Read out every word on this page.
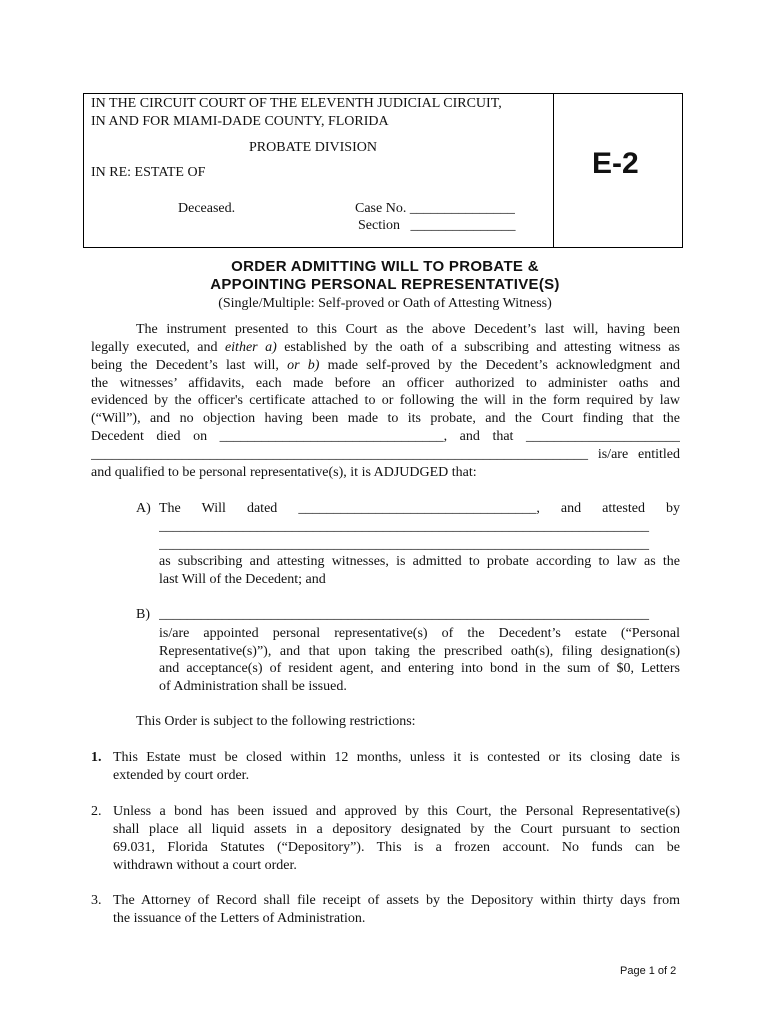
IN THE CIRCUIT COURT OF THE ELEVENTH JUDICIAL CIRCUIT,
IN AND FOR MIAMI-DADE COUNTY, FLORIDA
PROBATE DIVISION
IN RE: ESTATE OF
Deceased.	Case No. _______________
Section   _______________
E-2
ORDER ADMITTING WILL TO PROBATE &
APPOINTING PERSONAL REPRESENTATIVE(S)
(Single/Multiple: Self-proved or Oath of Attesting Witness)
The instrument presented to this Court as the above Decedent’s last will, having been
legally executed, and either a) established by the oath of a subscribing and attesting witness as
being the Decedent’s last will, or b) made self-proved by the Decedent’s acknowledgment and
the witnesses’ affidavits, each made before an officer authorized to administer oaths and
evidenced by the officer's certificate attached to or following the will in the form required by law
(“Will”), and no objection having been made to its probate, and the Court finding that the
Decedent died on ________________________________, and that ______________________
_______________________________________________________________________ is/are entitled
and qualified to be personal representative(s), it is ADJUDGED that:
A) The Will dated __________________________________, and attested by
______________________________________________________________________
______________________________________________________________________
as subscribing and attesting witnesses, is admitted to probate according to law as the
last Will of the Decedent; and
B) ______________________________________________________________________
is/are appointed personal representative(s) of the Decedent’s estate (“Personal
Representative(s)”), and that upon taking the prescribed oath(s), filing designation(s)
and acceptance(s) of resident agent, and entering into bond in the sum of $0, Letters
of Administration shall be issued.
This Order is subject to the following restrictions:
1. This Estate must be closed within 12 months, unless it is contested or its closing date is
extended by court order.
2. Unless a bond has been issued and approved by this Court, the Personal Representative(s)
shall place all liquid assets in a depository designated by the Court pursuant to section
69.031, Florida Statutes (“Depository”). This is a frozen account. No funds can be
withdrawn without a court order.
3. The Attorney of Record shall file receipt of assets by the Depository within thirty days from
the issuance of the Letters of Administration.
Page 1 of 2
